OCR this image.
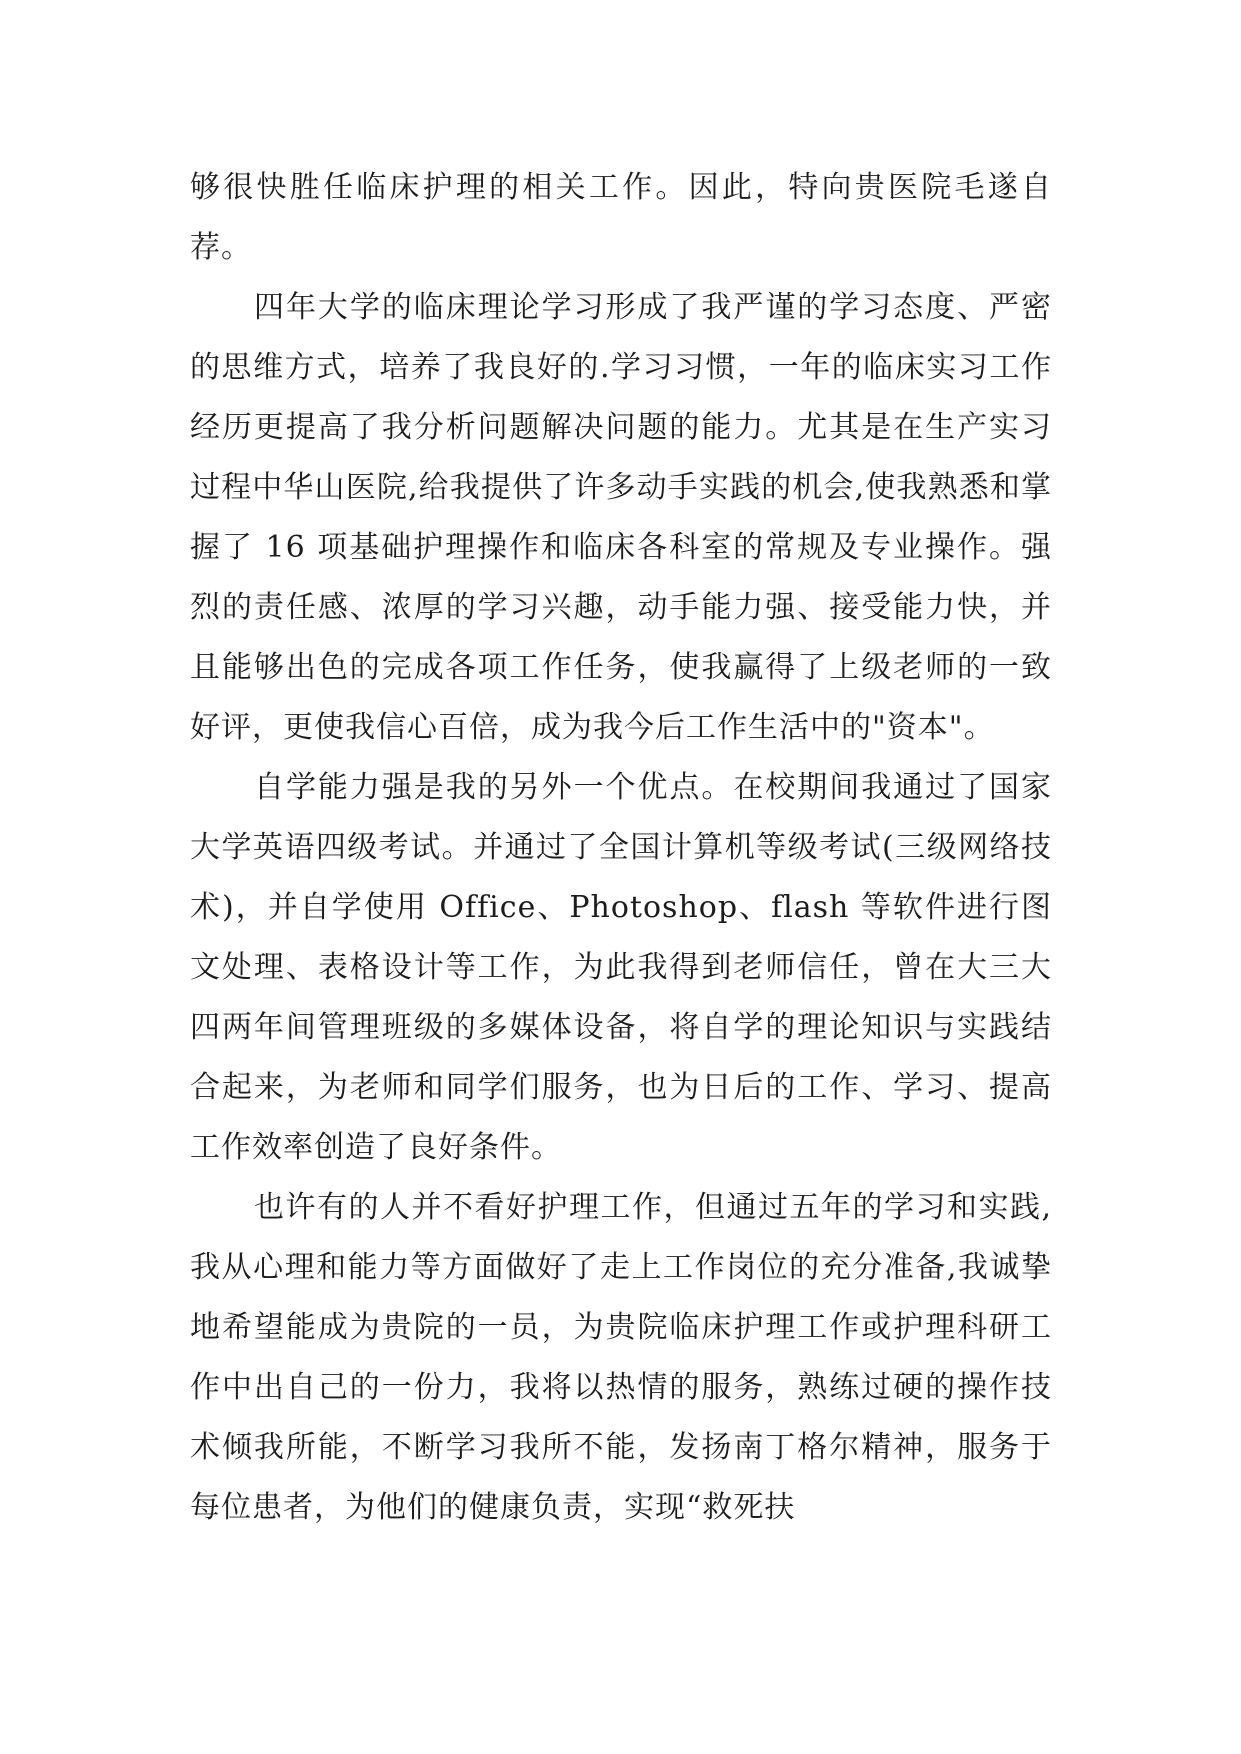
够很快胜任临床护理的相关工作。因此，特向贵医院毛遂自荐。

四年大学的临床理论学习形成了我严谨的学习态度、严密的思维方式，培养了我良好的.学习习惯，一年的临床实习工作经历更提高了我分析问题解决问题的能力。尤其是在生产实习过程中华山医院,给我提供了许多动手实践的机会,使我熟悉和掌握了 16 项基础护理操作和临床各科室的常规及专业操作。强烈的责任感、浓厚的学习兴趣，动手能力强、接受能力快，并且能够出色的完成各项工作任务，使我赢得了上级老师的一致好评，更使我信心百倍，成为我今后工作生活中的"资本"。

自学能力强是我的另外一个优点。在校期间我通过了国家大学英语四级考试。并通过了全国计算机等级考试(三级网络技术)，并自学使用 Office、Photoshop、flash 等软件进行图文处理、表格设计等工作，为此我得到老师信任，曾在大三大四两年间管理班级的多媒体设备，将自学的理论知识与实践结合起来，为老师和同学们服务，也为日后的工作、学习、提高工作效率创造了良好条件。

也许有的人并不看好护理工作，但通过五年的学习和实践,我从心理和能力等方面做好了走上工作岗位的充分准备,我诚挚地希望能成为贵院的一员，为贵院临床护理工作或护理科研工作中出自己的一份力，我将以热情的服务，熟练过硬的操作技术倾我所能，不断学习我所不能，发扬南丁格尔精神，服务于每位患者，为他们的健康负责，实现“救死扶
